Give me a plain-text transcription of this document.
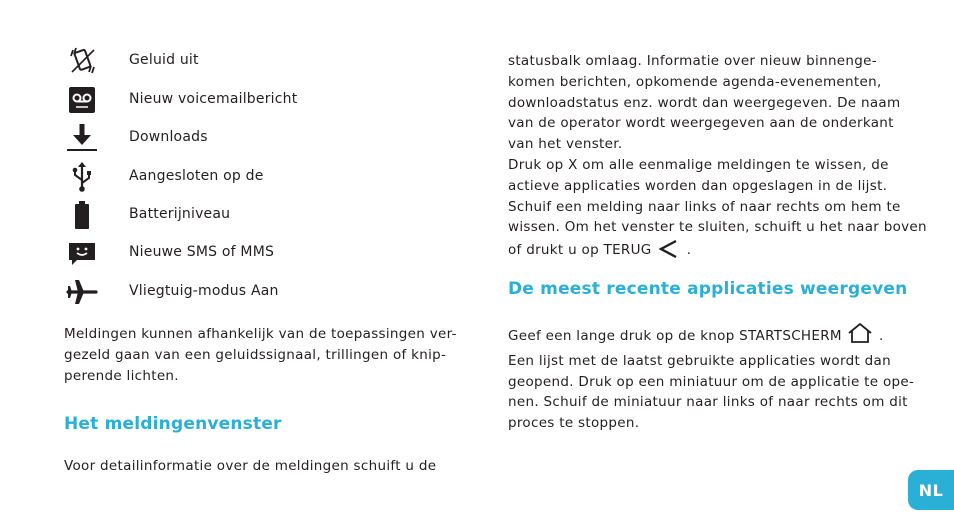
Geluid uit
Nieuw voicemailbericht
Downloads
Aangesloten op de
Batterijniveau
Nieuwe SMS of MMS
Vliegtuig-modus Aan

Meldingen kunnen afhankelijk van de toepassingen ver-
gezeld gaan van een geluidssignaal, trillingen of knip-
perende lichten.

Het meldingenvenster

Voor detailinformatie over de meldingen schuift u de

statusbalk omlaag. Informatie over nieuw binnenge-
komen berichten, opkomende agenda-evenementen,
downloadstatus enz. wordt dan weergegeven. De naam
van de operator wordt weergegeven aan de onderkant
van het venster.
Druk op X om alle eenmalige meldingen te wissen, de
actieve applicaties worden dan opgeslagen in de lijst.
Schuif een melding naar links of naar rechts om hem te
wissen. Om het venster te sluiten, schuift u het naar boven
of drukt u op TERUG	.

De meest recente applicaties weergeven

Geef een lange druk op de knop STARTSCHERM	.
Een lijst met de laatst gebruikte applicaties wordt dan
geopend. Druk op een miniatuur om de applicatie te ope-
nen. Schuif de miniatuur naar links of naar rechts om dit
proces te stoppen.

NL
